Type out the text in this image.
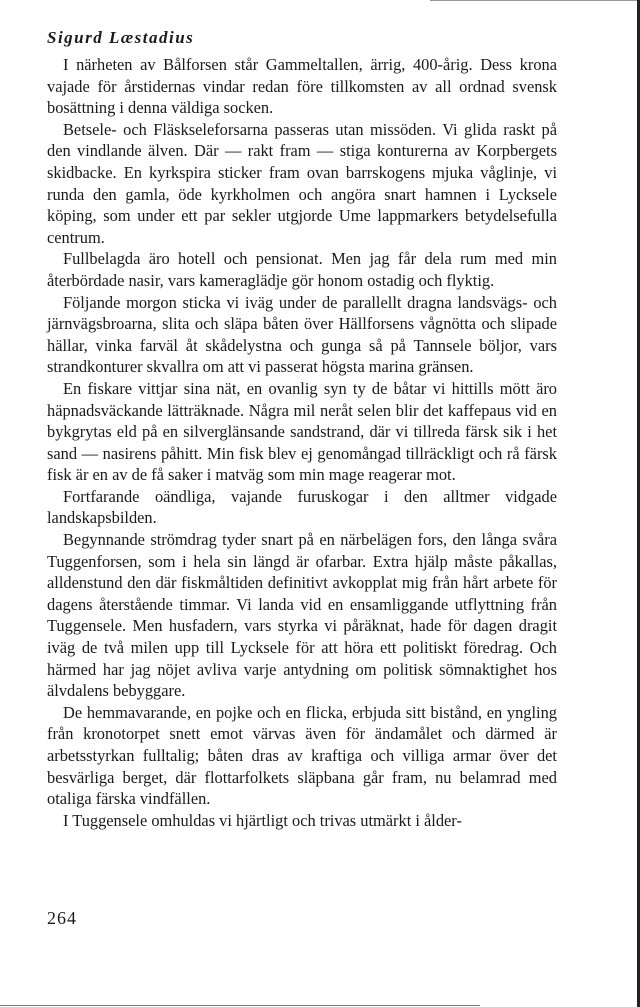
Sigurd Læstadius

I närheten av Bålforsen står Gammeltallen, ärrig, 400-årig. Dess krona vajade för årstidernas vindar redan före tillkomsten av all ordnad svensk bosättning i denna väldiga socken.

Betsele- och Fläskseleforsarna passeras utan missöden. Vi glida raskt på den vindlande älven. Där — rakt fram — stiga konturerna av Korpbergets skidbacke. En kyrkspira sticker fram ovan barrskogens mjuka våglinje, vi runda den gamla, öde kyrkholmen och angöra snart hamnen i Lycksele köping, som under ett par sekler utgjorde Ume lappmarkers betydelsefulla centrum.

Fullbelagda äro hotell och pensionat. Men jag får dela rum med min återbördade nasir, vars kameraglädje gör honom ostadig och flyktig.

Följande morgon sticka vi iväg under de parallellt dragna landsvägs- och järnvägsbroarna, slita och släpa båten över Hällforsens vågnötta och slipade hällar, vinka farväl åt skådelystna och gunga så på Tannsele böljor, vars strandkonturer skvallra om att vi passerat högsta marina gränsen.

En fiskare vittjar sina nät, en ovanlig syn ty de båtar vi hittills mött äro häpnadsväckande lätträknade. Några mil neråt selen blir det kaffepaus vid en bykgrytas eld på en silverglänsande sandstrand, där vi tillreda färsk sik i het sand — nasirens påhitt. Min fisk blev ej genomångad tillräckligt och rå färsk fisk är en av de få saker i matväg som min mage reagerar mot.

Fortfarande oändliga, vajande furuskogar i den alltmer vidgade landskapsbilden.

Begynnande strömdrag tyder snart på en närbelägen fors, den långa svåra Tuggenforsen, som i hela sin längd är ofarbar. Extra hjälp måste påkallas, alldenstund den där fiskmåltiden definitivt avkopplat mig från hårt arbete för dagens återstående timmar. Vi landa vid en ensamliggande utflyttning från Tuggensele. Men husfadern, vars styrka vi påräknat, hade för dagen dragit iväg de två milen upp till Lycksele för att höra ett politiskt föredrag. Och härmed har jag nöjet avliva varje antydning om politisk sömnaktighet hos älvdalens bebyggare.

De hemmavarande, en pojke och en flicka, erbjuda sitt bistånd, en yngling från kronotorpet snett emot värvas även för ändamålet och därmed är arbetsstyrkan fulltalig; båten dras av kraftiga och villiga armar över det besvärliga berget, där flottarfolkets släpbana går fram, nu belamrad med otaliga färska vindfällen.

I Tuggensele omhuldas vi hjärtligt och trivas utmärkt i ålder-

264
